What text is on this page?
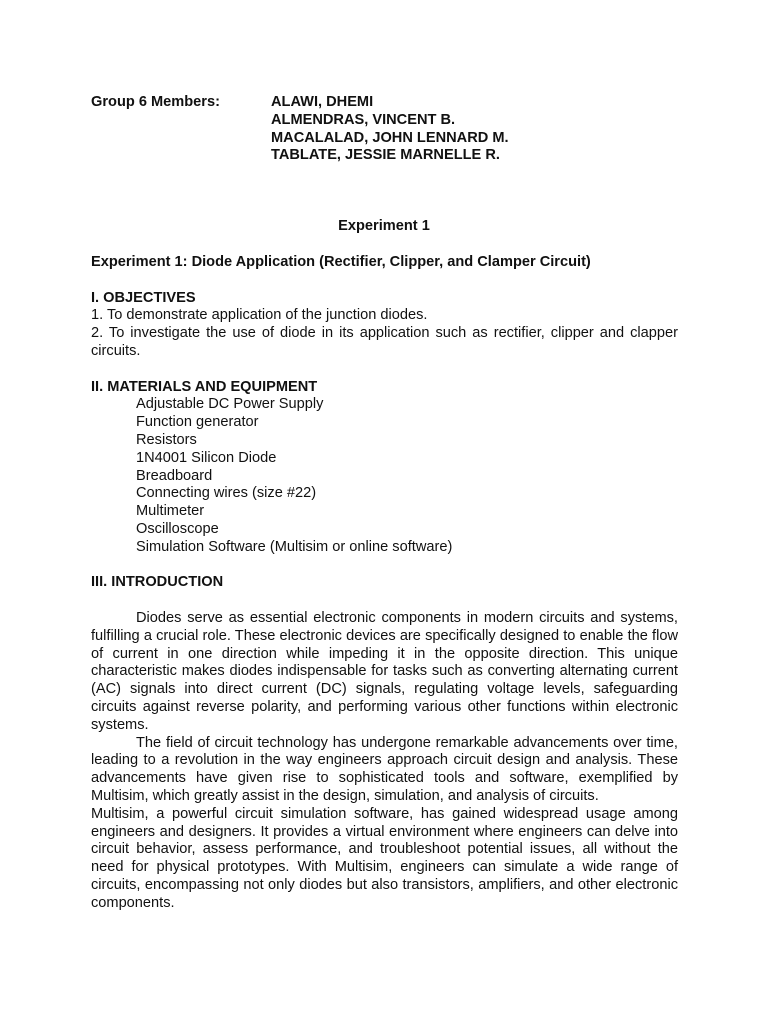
Group 6 Members:	ALAWI, DHEMI
ALMENDRAS, VINCENT B.
MACALALAD, JOHN LENNARD M.
TABLATE, JESSIE MARNELLE R.
Experiment 1
Experiment 1: Diode Application (Rectifier, Clipper, and Clamper Circuit)
I. OBJECTIVES

1. To demonstrate application of the junction diodes.

2. To investigate the use of diode in its application such as rectifier, clipper and clapper circuits.

II. MATERIALS AND EQUIPMENT
Adjustable DC Power Supply
Function generator
Resistors
1N4001 Silicon Diode
Breadboard
Connecting wires (size #22)
Multimeter
Oscilloscope
Simulation Software (Multisim or online software)
III. INTRODUCTION

Diodes serve as essential electronic components in modern circuits and systems, fulfilling a crucial role. These electronic devices are specifically designed to enable the flow of current in one direction while impeding it in the opposite direction. This unique characteristic makes diodes indispensable for tasks such as converting alternating current (AC) signals into direct current (DC) signals, regulating voltage levels, safeguarding circuits against reverse polarity, and performing various other functions within electronic systems.

The field of circuit technology has undergone remarkable advancements over time, leading to a revolution in the way engineers approach circuit design and analysis. These advancements have given rise to sophisticated tools and software, exemplified by Multisim, which greatly assist in the design, simulation, and analysis of circuits.

Multisim, a powerful circuit simulation software, has gained widespread usage among engineers and designers. It provides a virtual environment where engineers can delve into circuit behavior, assess performance, and troubleshoot potential issues, all without the need for physical prototypes. With Multisim, engineers can simulate a wide range of circuits, encompassing not only diodes but also transistors, amplifiers, and other electronic components.
